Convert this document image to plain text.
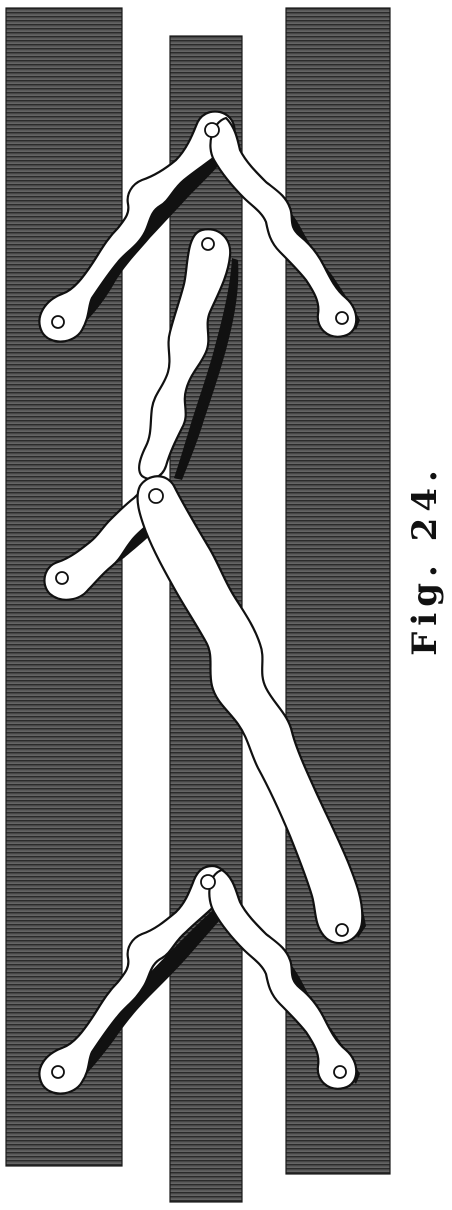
Fig. 24.
